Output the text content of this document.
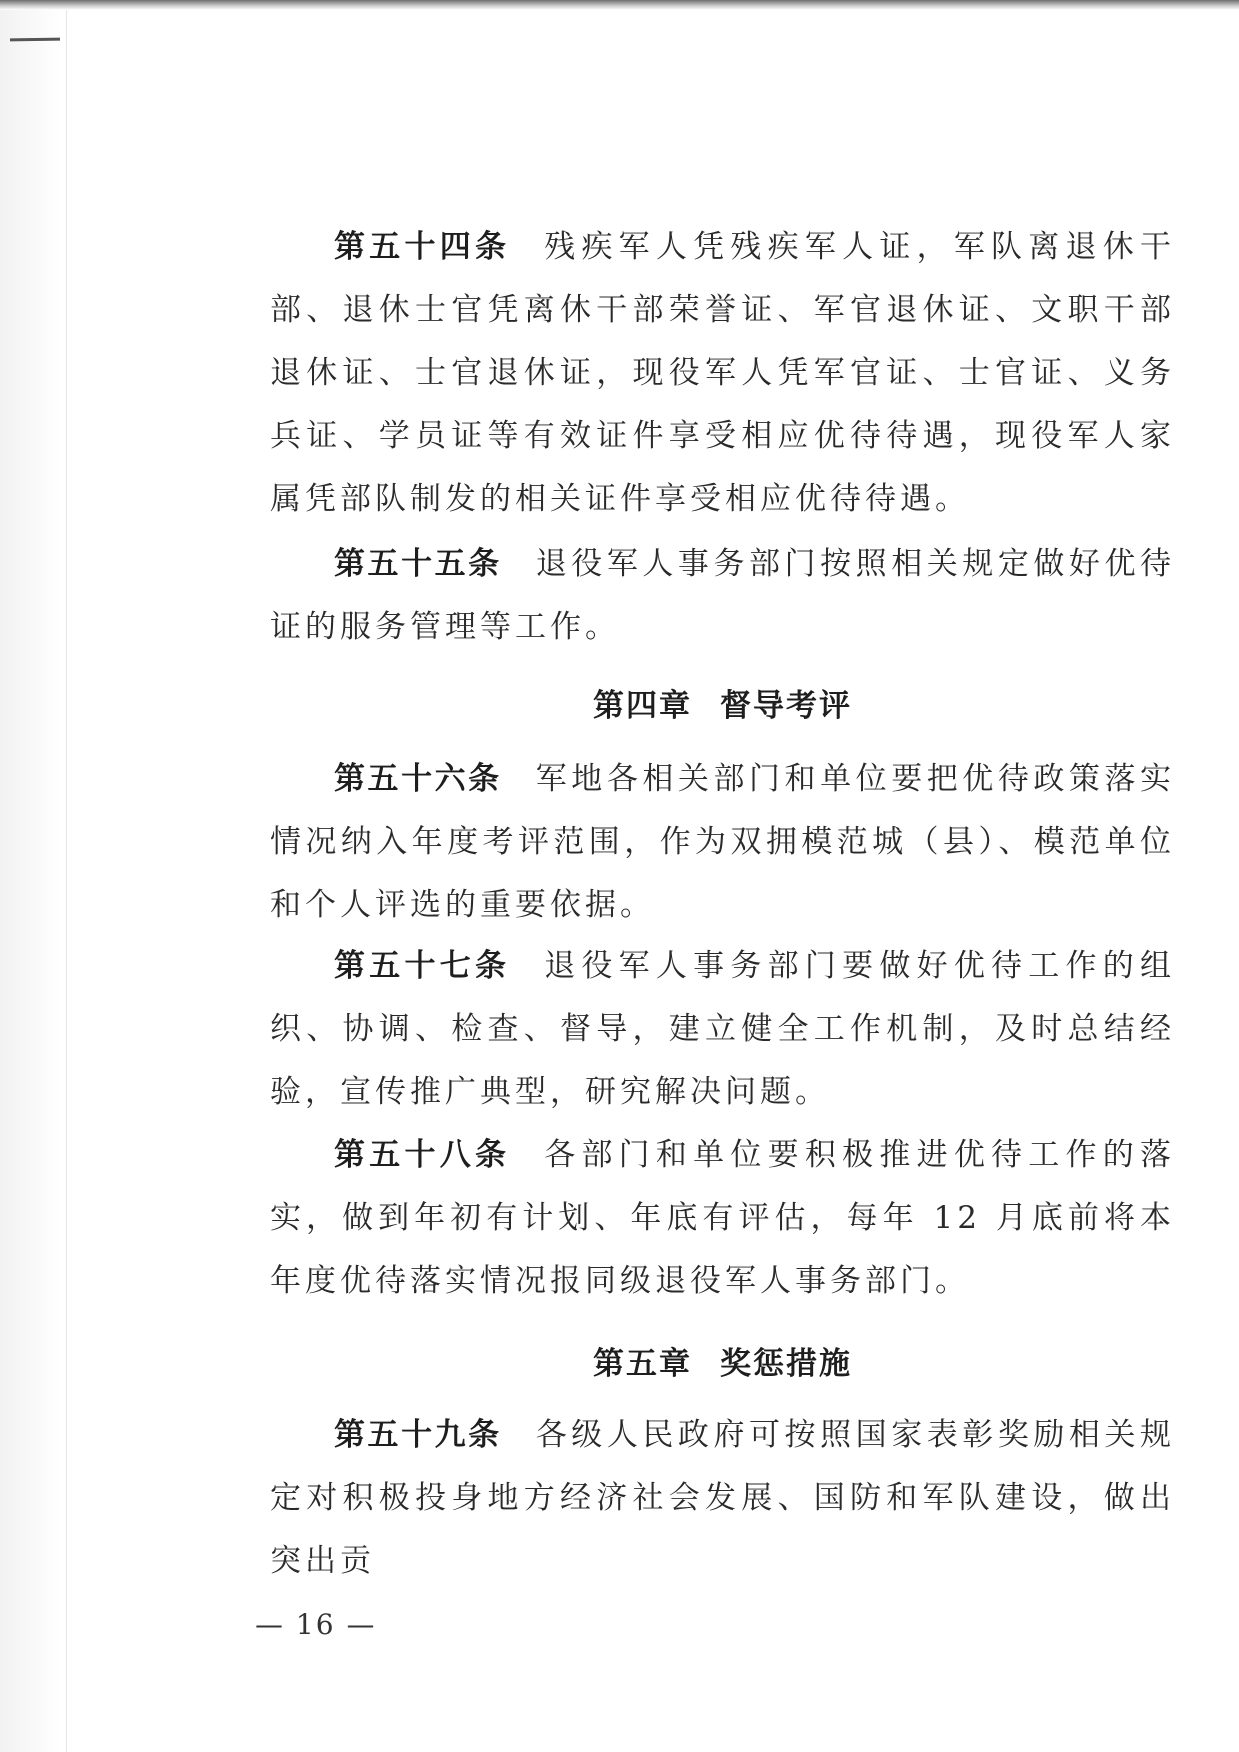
第五十四条 残疾军人凭残疾军人证，军队离退休干部、退休士官凭离休干部荣誉证、军官退休证、文职干部退休证、士官退休证，现役军人凭军官证、士官证、义务兵证、学员证等有效证件享受相应优待待遇，现役军人家属凭部队制发的相关证件享受相应优待待遇。

第五十五条 退役军人事务部门按照相关规定做好优待证的服务管理等工作。

第四章 督导考评

第五十六条 军地各相关部门和单位要把优待政策落实情况纳入年度考评范围，作为双拥模范城（县）、模范单位和个人评选的重要依据。

第五十七条 退役军人事务部门要做好优待工作的组织、协调、检查、督导，建立健全工作机制，及时总结经验，宣传推广典型，研究解决问题。

第五十八条 各部门和单位要积极推进优待工作的落实，做到年初有计划、年底有评估，每年 12 月底前将本年度优待落实情况报同级退役军人事务部门。

第五章 奖惩措施

第五十九条 各级人民政府可按照国家表彰奖励相关规定对积极投身地方经济社会发展、国防和军队建设，做出突出贡

— 16 —
